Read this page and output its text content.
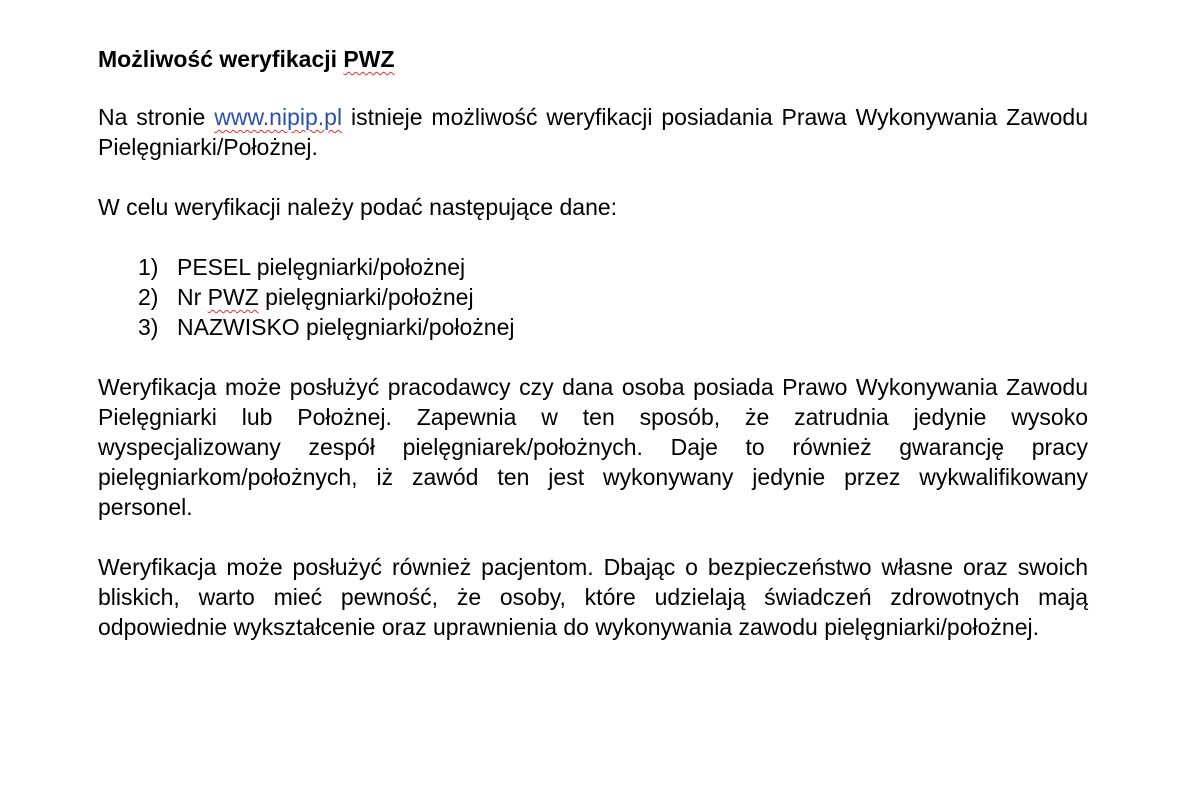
Możliwość weryfikacji PWZ

Na stronie www.nipip.pl istnieje możliwość weryfikacji posiadania Prawa Wykonywania Zawodu Pielęgniarki/Położnej.

W celu weryfikacji należy podać następujące dane:

1) PESEL pielęgniarki/położnej
2) Nr PWZ pielęgniarki/położnej
3) NAZWISKO pielęgniarki/położnej

Weryfikacja może posłużyć pracodawcy czy dana osoba posiada Prawo Wykonywania Zawodu Pielęgniarki lub Położnej. Zapewnia w ten sposób, że zatrudnia jedynie wysoko wyspecjalizowany zespół pielęgniarek/położnych. Daje to również gwarancję pracy pielęgniarkom/położnych, iż zawód ten jest wykonywany jedynie przez wykwalifikowany personel.

Weryfikacja może posłużyć również pacjentom. Dbając o bezpieczeństwo własne oraz swoich bliskich, warto mieć pewność, że osoby, które udzielają świadczeń zdrowotnych mają odpowiednie wykształcenie oraz uprawnienia do wykonywania zawodu pielęgniarki/położnej.
